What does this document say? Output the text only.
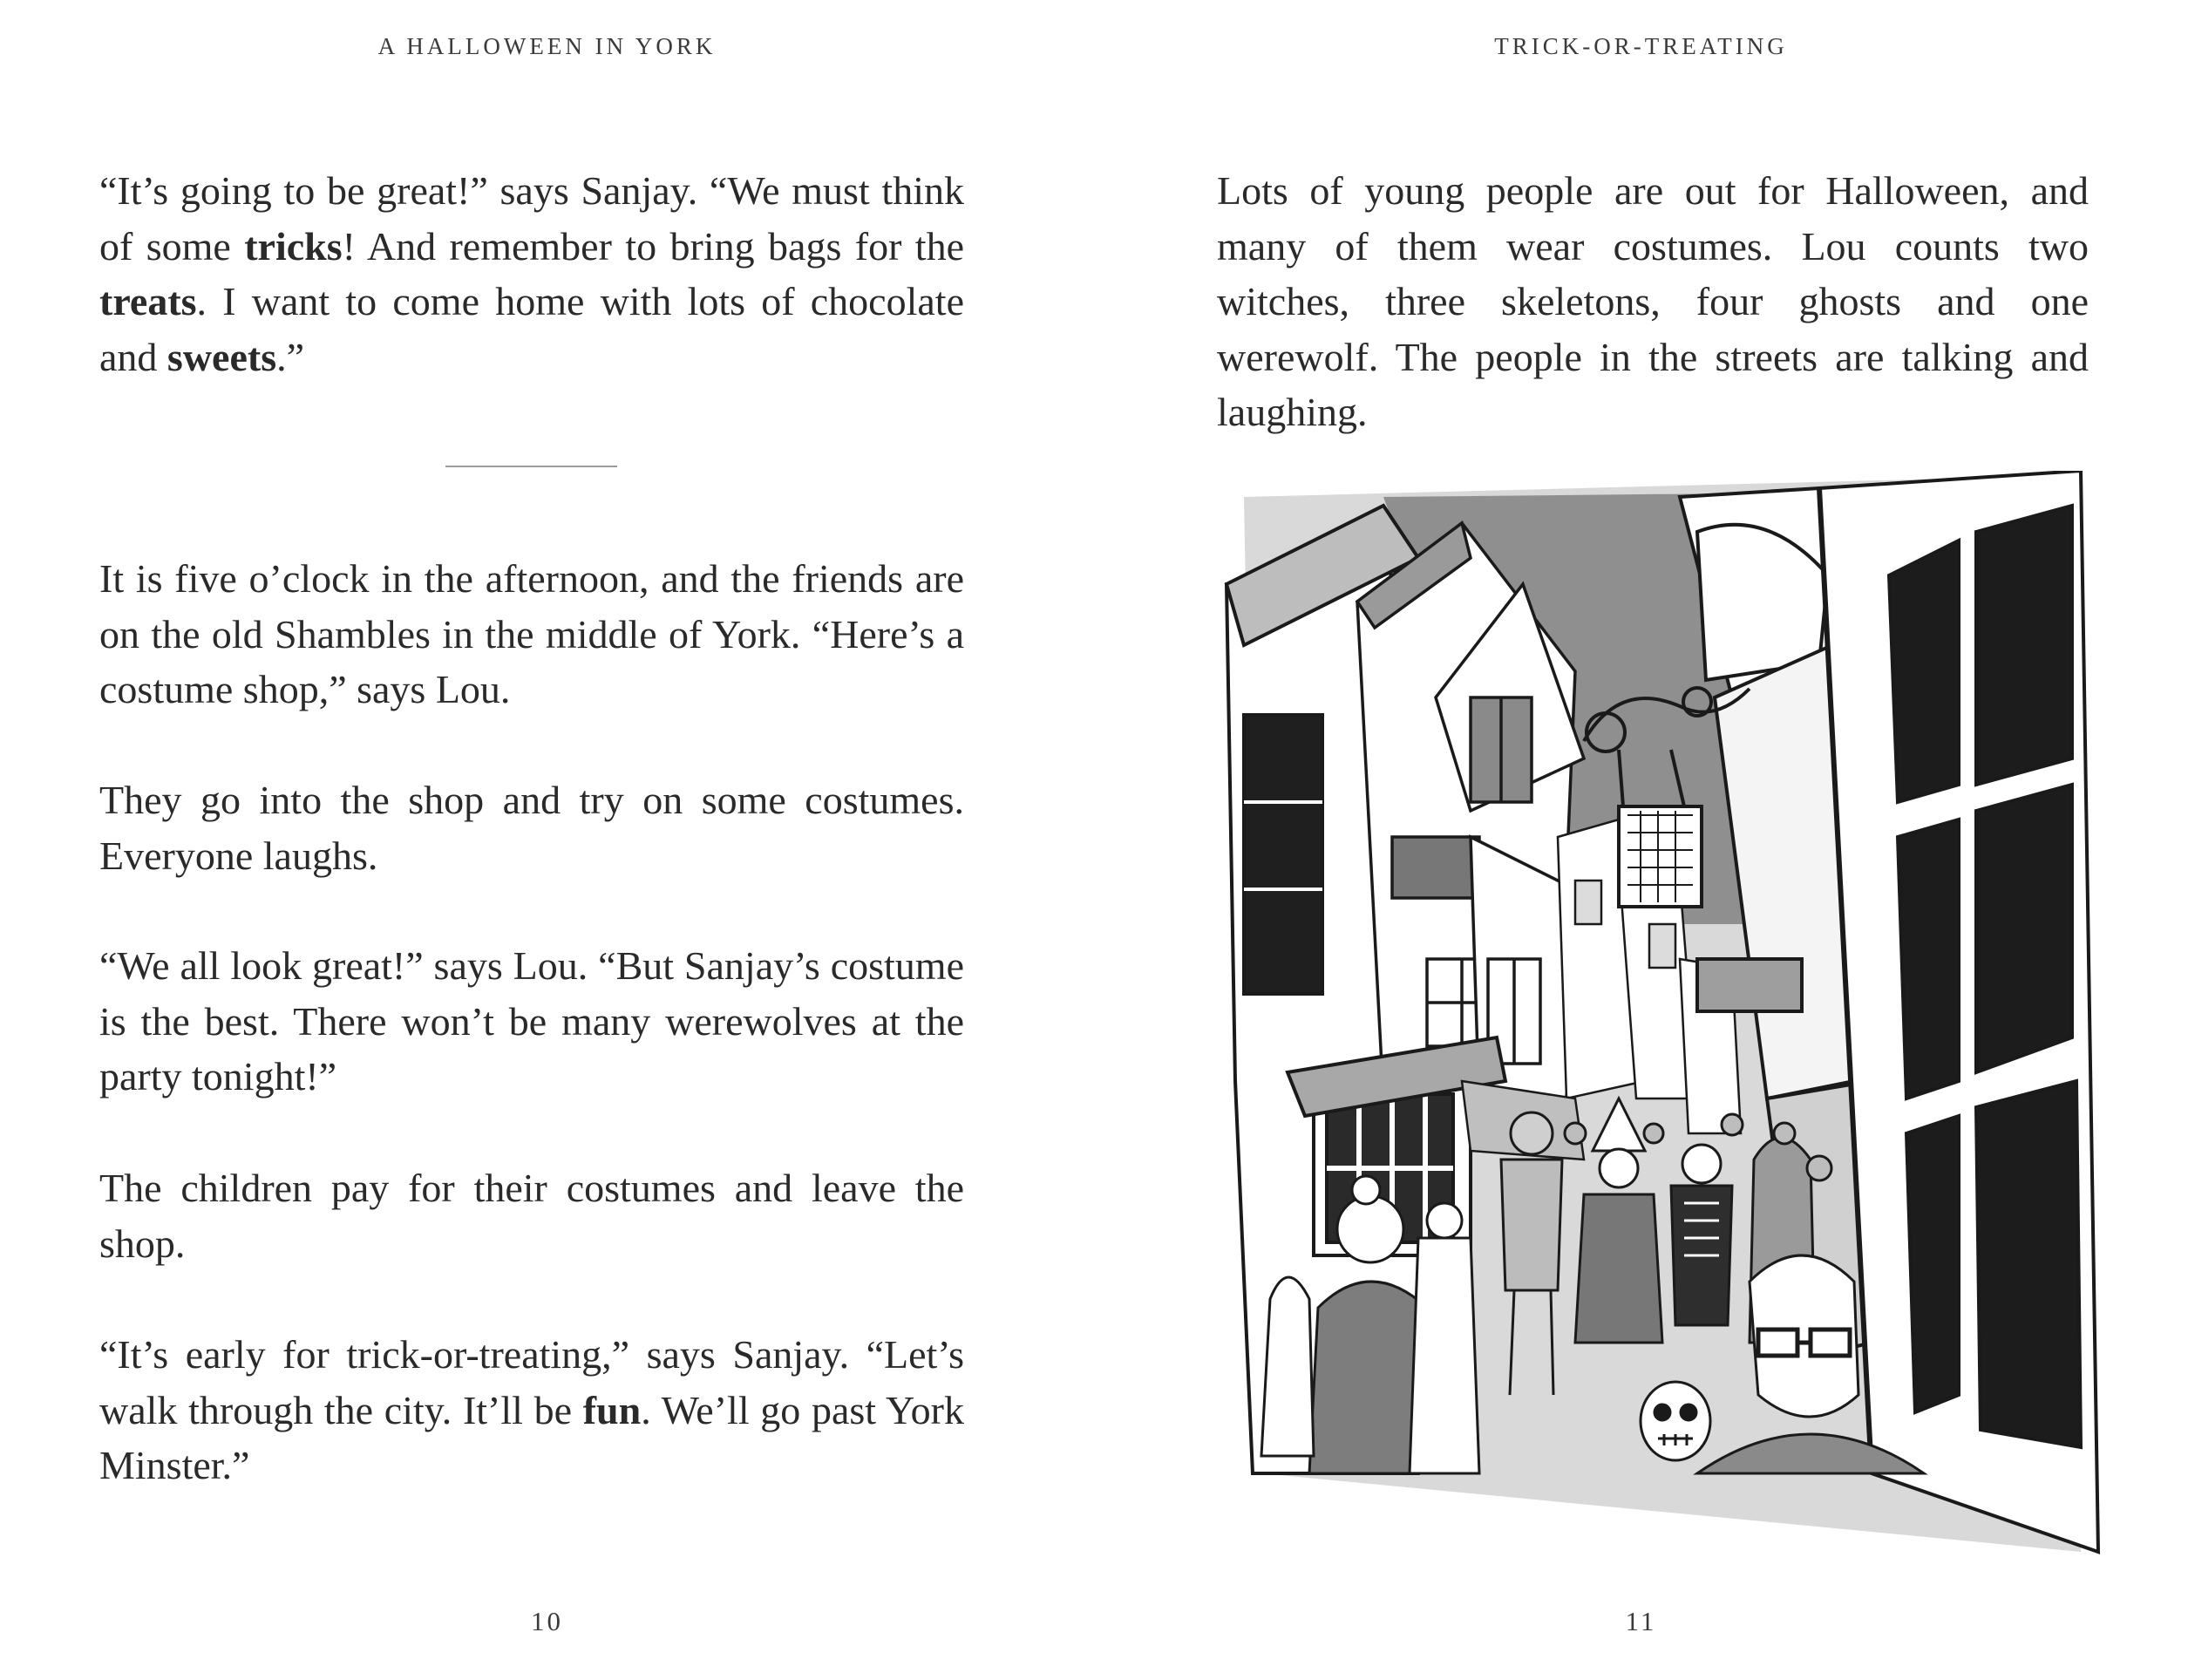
A HALLOWEEN IN YORK

“It’s going to be great!” says Sanjay. “We must think of some tricks! And remember to bring bags for the treats. I want to come home with lots of chocolate and sweets.”

It is five o’clock in the afternoon, and the friends are on the old Shambles in the middle of York. “Here’s a costume shop,” says Lou.

They go into the shop and try on some costumes. Everyone laughs.

“We all look great!” says Lou. “But Sanjay’s costume is the best. There won’t be many werewolves at the party tonight!”

The children pay for their costumes and leave the shop.

“It’s early for trick-or-treating,” says Sanjay. “Let’s walk through the city. It’ll be fun. We’ll go past York Minster.”

10
TRICK-OR-TREATING

Lots of young people are out for Halloween, and many of them wear costumes. Lou counts two witches, three skeletons, four ghosts and one werewolf. The people in the streets are talking and laughing.

11
